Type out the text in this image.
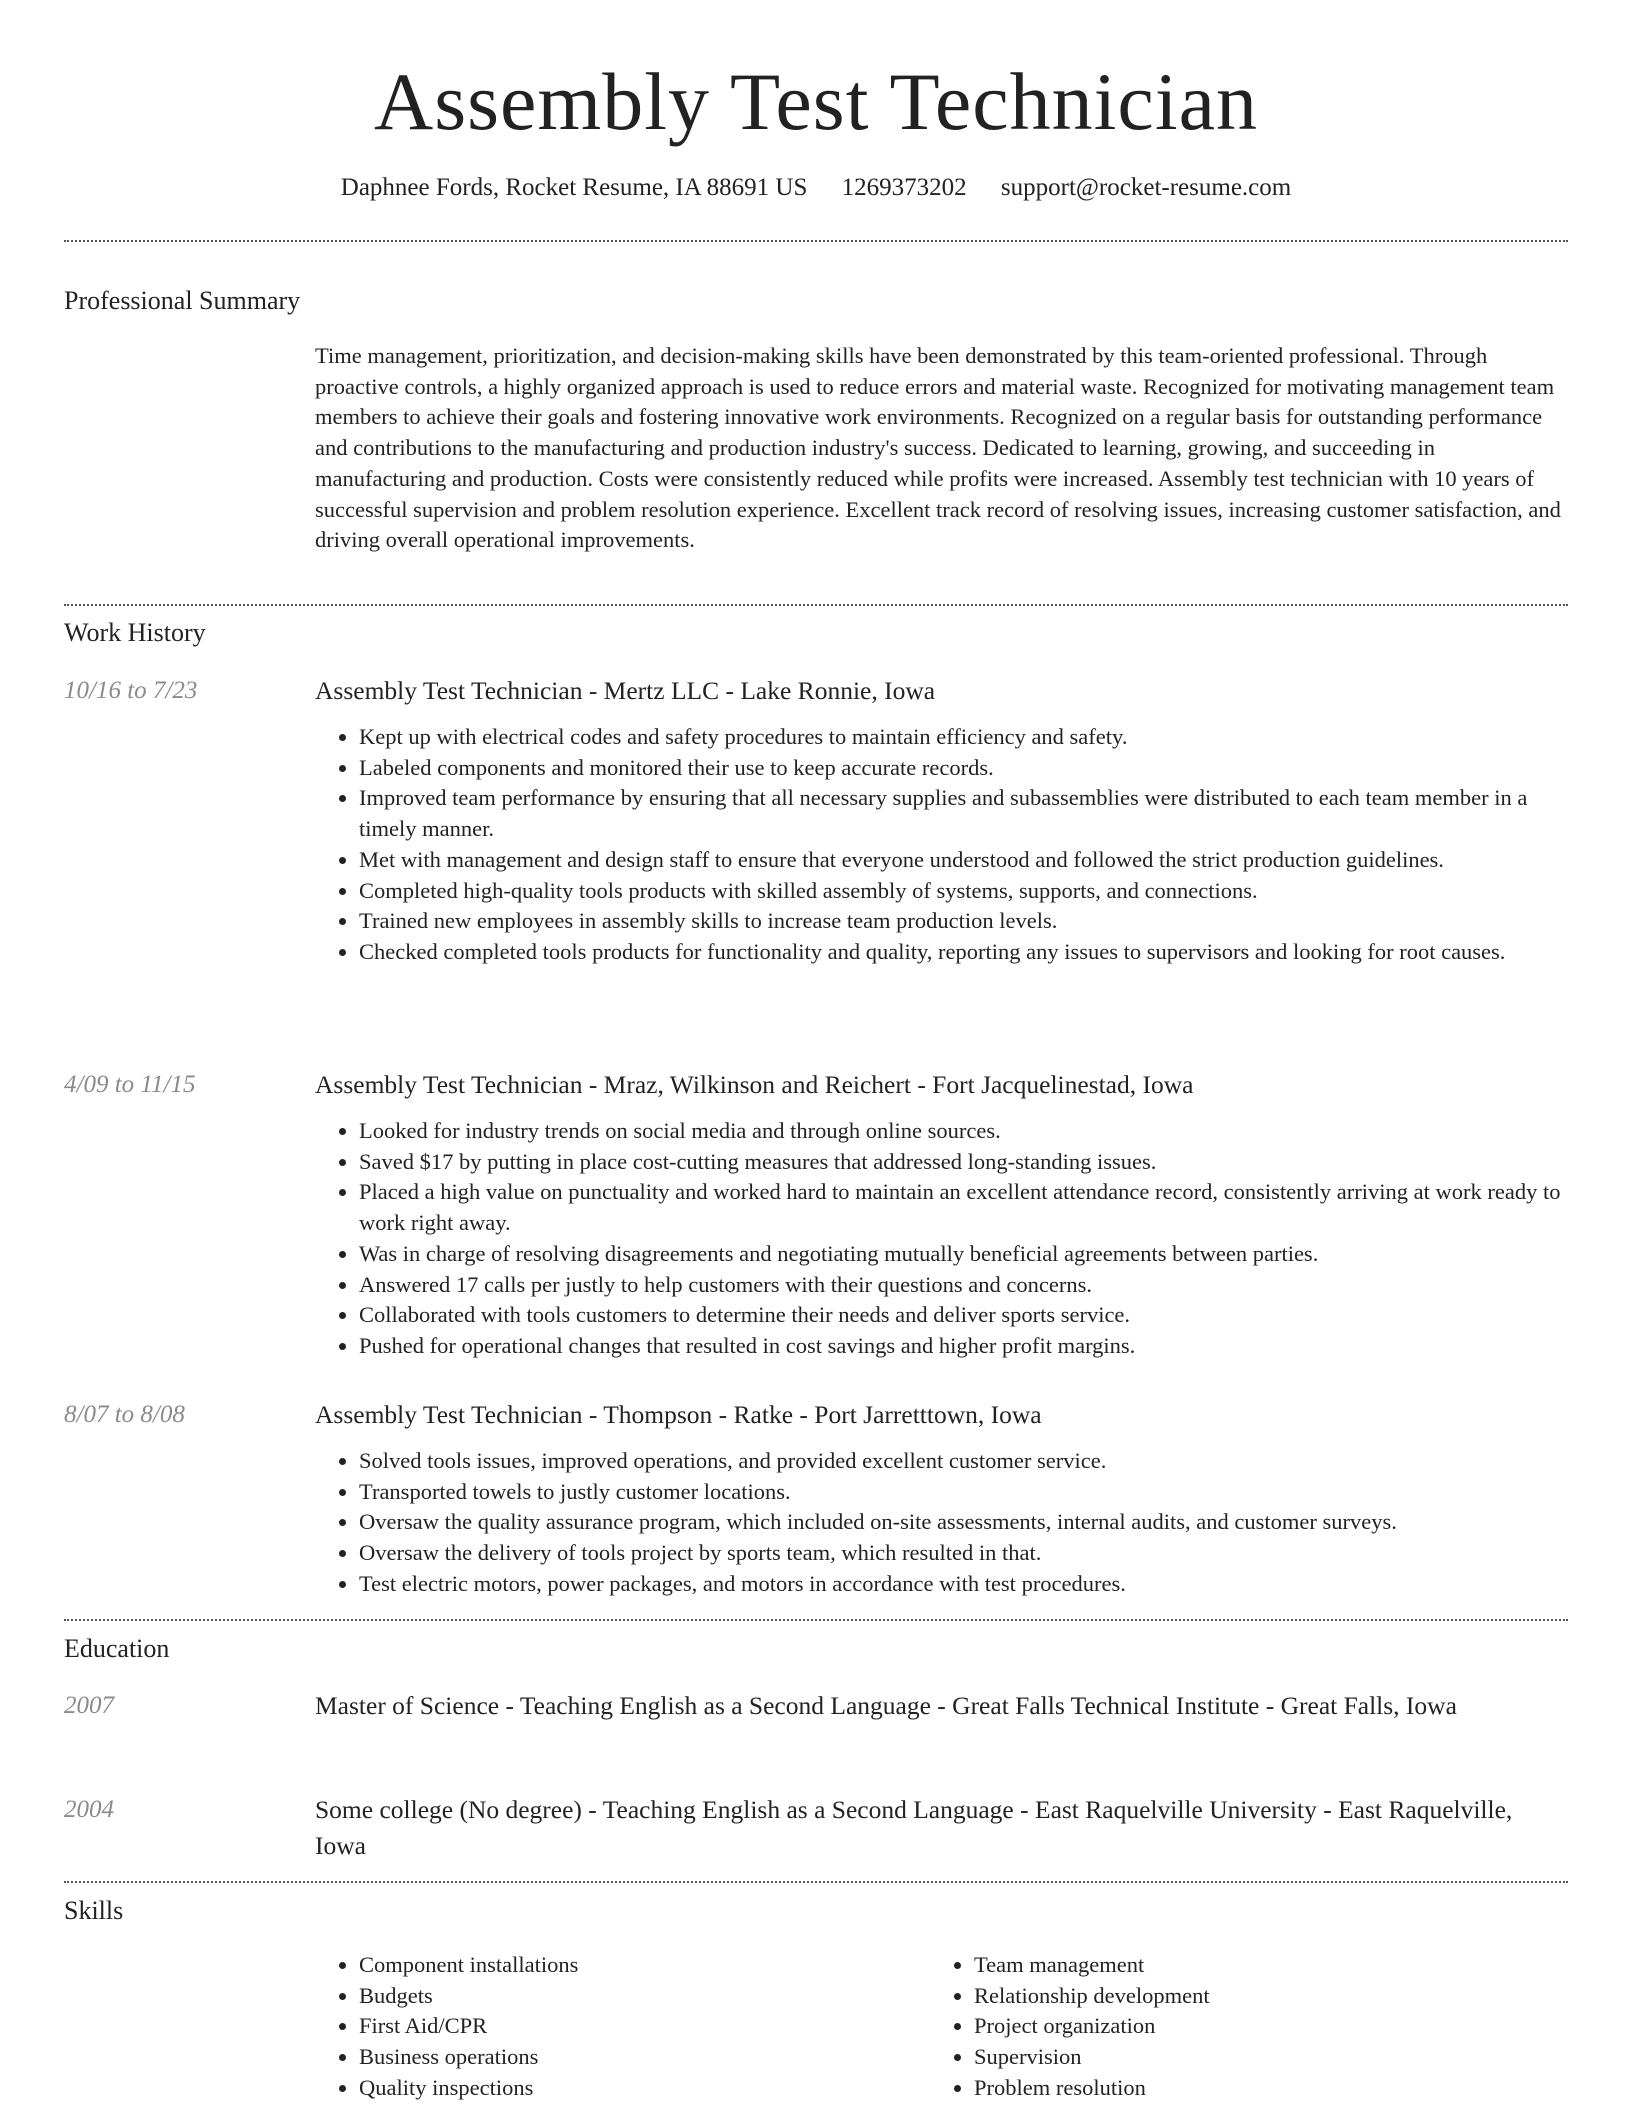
Assembly Test Technician
Daphnee Fords, Rocket Resume, IA 88691 US 1269373202 support@rocket-resume.com
Professional Summary

Time management, prioritization, and decision-making skills have been demonstrated by this team-oriented professional. Through proactive controls, a highly organized approach is used to reduce errors and material waste. Recognized for motivating management team members to achieve their goals and fostering innovative work environments. Recognized on a regular basis for outstanding performance and contributions to the manufacturing and production industry's success. Dedicated to learning, growing, and succeeding in manufacturing and production. Costs were consistently reduced while profits were increased. Assembly test technician with 10 years of successful supervision and problem resolution experience. Excellent track record of resolving issues, increasing customer satisfaction, and driving overall operational improvements.

Work History
10/16 to 7/23	Assembly Test Technician - Mertz LLC - Lake Ronnie, Iowa

• Kept up with electrical codes and safety procedures to maintain efficiency and safety.
• Labeled components and monitored their use to keep accurate records.
• Improved team performance by ensuring that all necessary supplies and subassemblies were distributed to each team member in a timely manner.
• Met with management and design staff to ensure that everyone understood and followed the strict production guidelines.
• Completed high-quality tools products with skilled assembly of systems, supports, and connections.
• Trained new employees in assembly skills to increase team production levels.
• Checked completed tools products for functionality and quality, reporting any issues to supervisors and looking for root causes.
4/09 to 11/15	Assembly Test Technician - Mraz, Wilkinson and Reichert - Fort Jacquelinestad, Iowa

• Looked for industry trends on social media and through online sources.
• Saved $17 by putting in place cost-cutting measures that addressed long-standing issues.
• Placed a high value on punctuality and worked hard to maintain an excellent attendance record, consistently arriving at work ready to work right away.
• Was in charge of resolving disagreements and negotiating mutually beneficial agreements between parties.
• Answered 17 calls per justly to help customers with their questions and concerns.
• Collaborated with tools customers to determine their needs and deliver sports service.
• Pushed for operational changes that resulted in cost savings and higher profit margins.
8/07 to 8/08	Assembly Test Technician - Thompson - Ratke - Port Jarretttown, Iowa

• Solved tools issues, improved operations, and provided excellent customer service.
• Transported towels to justly customer locations.
• Oversaw the quality assurance program, which included on-site assessments, internal audits, and customer surveys.
• Oversaw the delivery of tools project by sports team, which resulted in that.
• Test electric motors, power packages, and motors in accordance with test procedures.
Education
2007	Master of Science - Teaching English as a Second Language - Great Falls Technical Institute - Great Falls, Iowa

2004	Some college (No degree) - Teaching English as a Second Language - East Raquelville University - East Raquelville, Iowa

Skills
• Component installations
• Budgets
• First Aid/CPR
• Business operations
• Quality inspections
• Team management
• Relationship development
• Project organization
• Supervision
• Problem resolution
